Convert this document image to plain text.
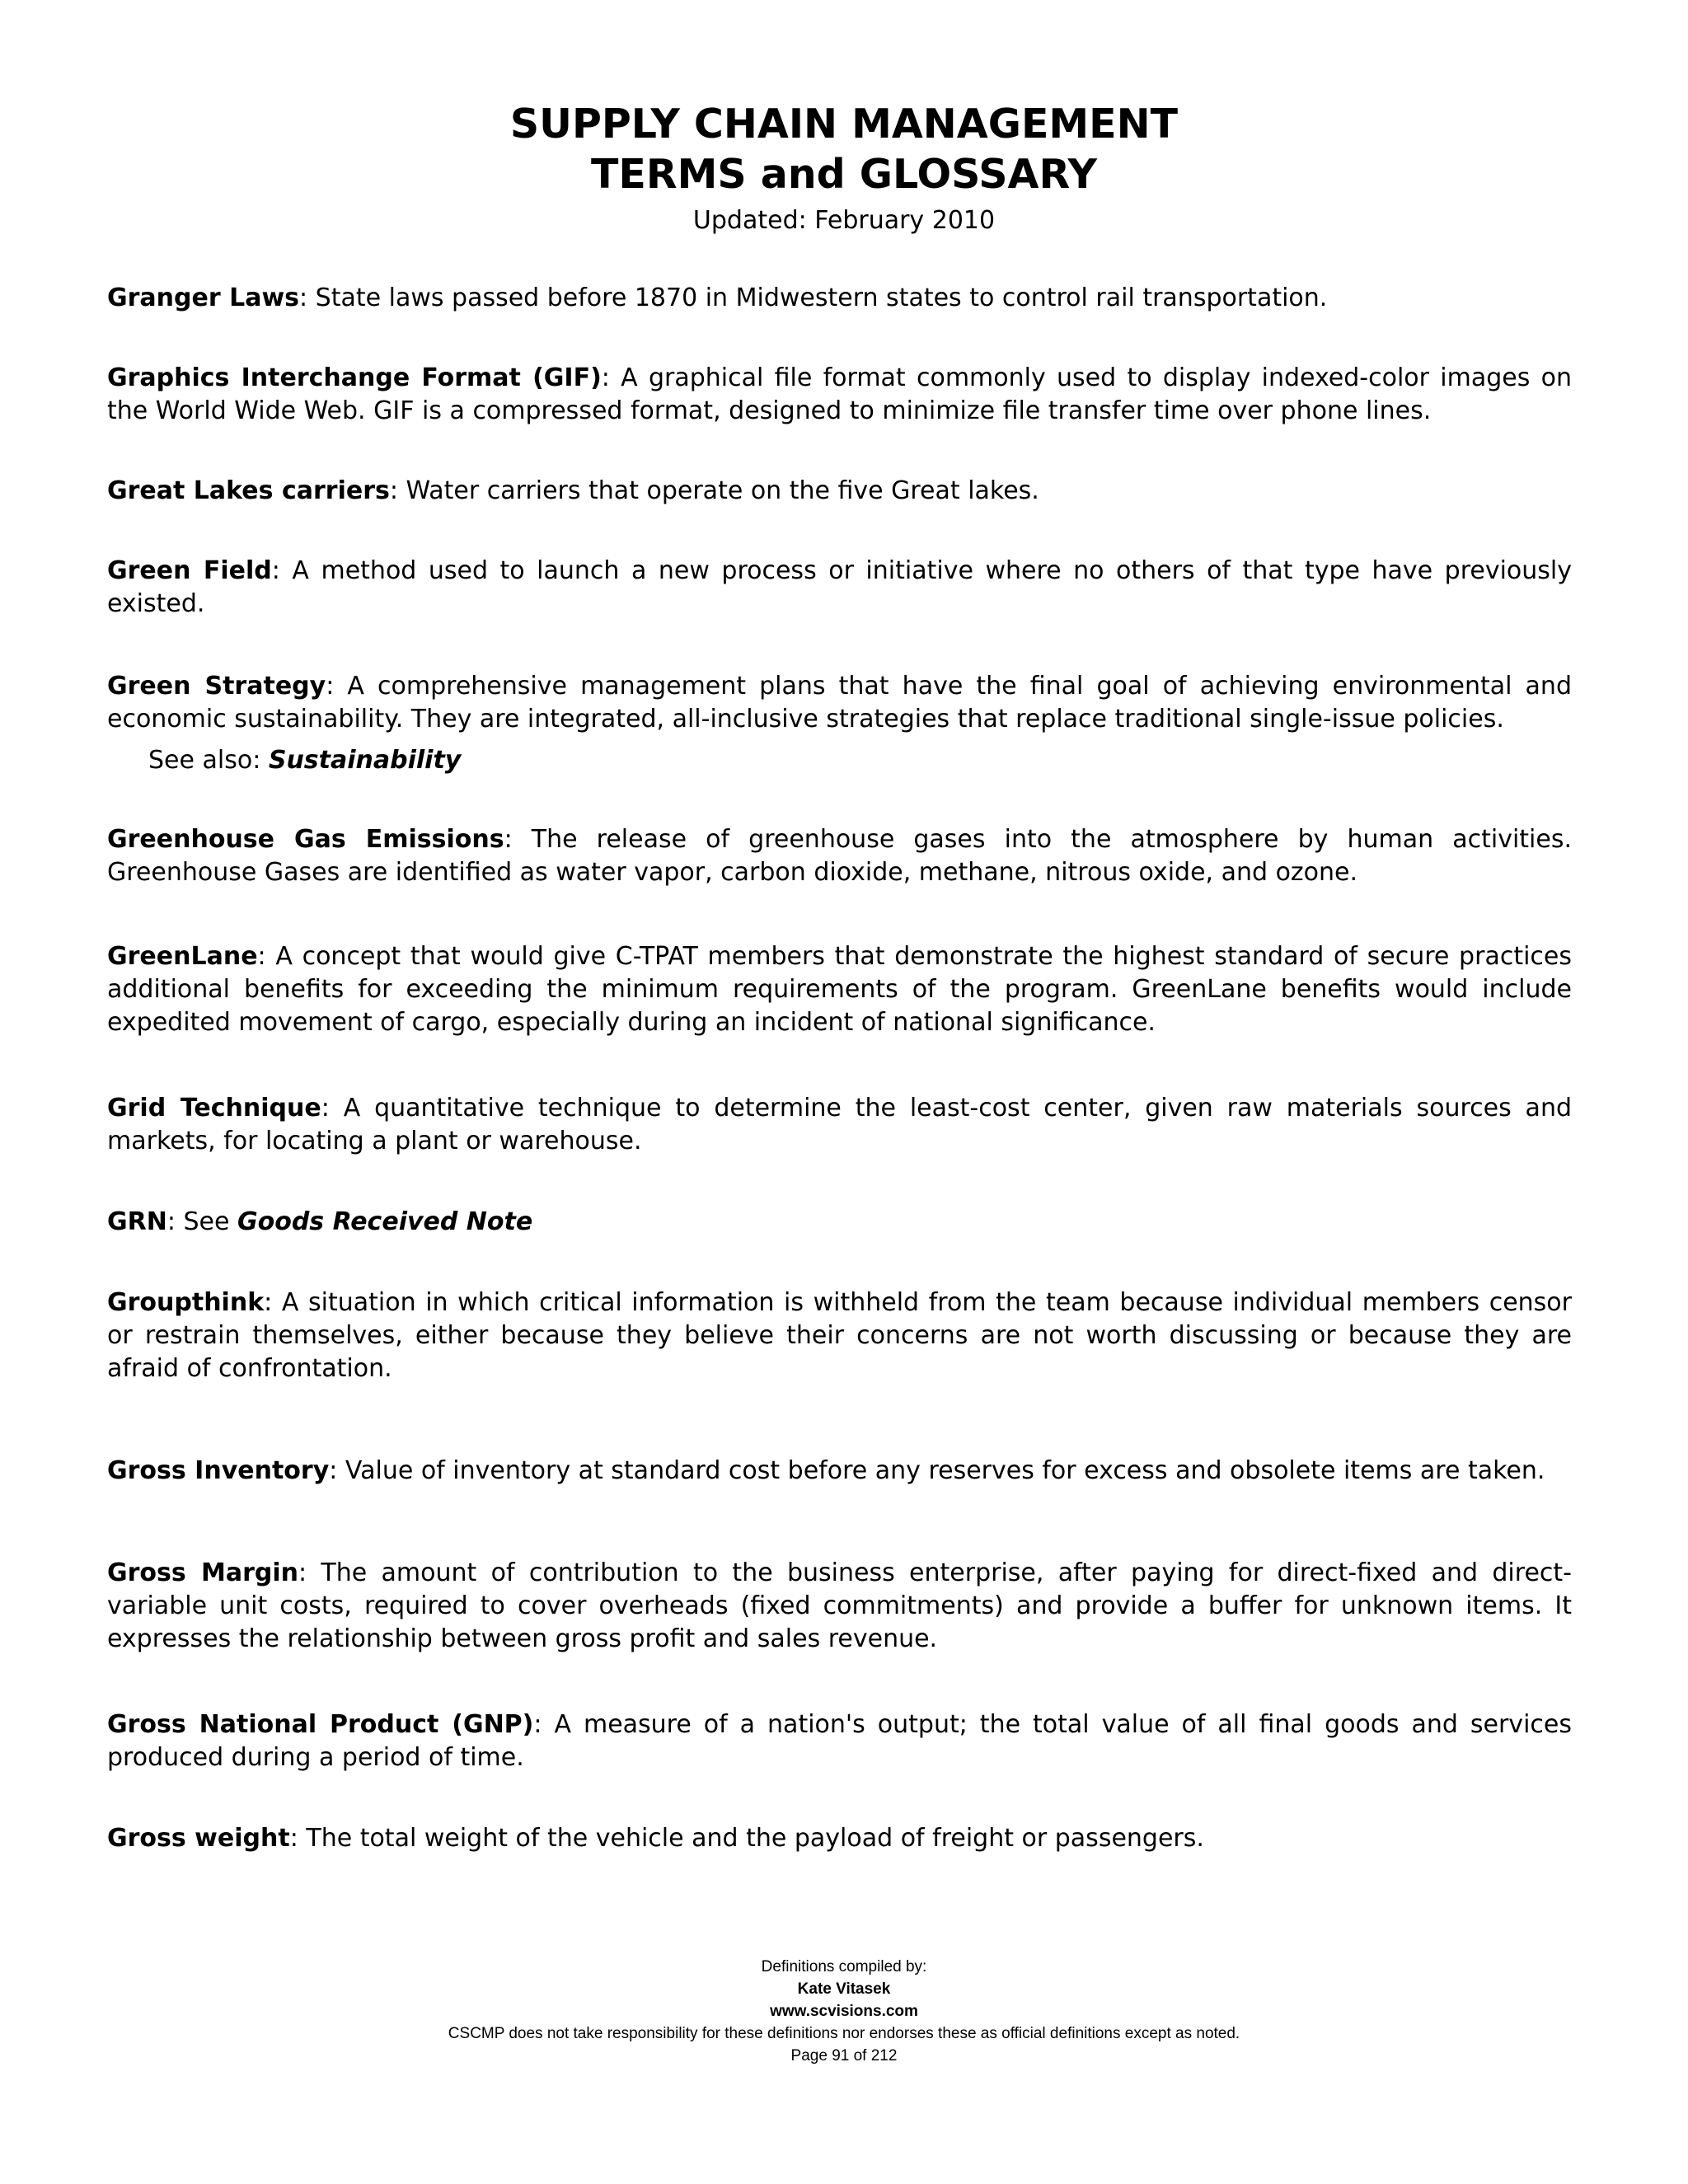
SUPPLY CHAIN MANAGEMENT
TERMS and GLOSSARY
Updated: February 2010

Granger Laws: State laws passed before 1870 in Midwestern states to control rail transportation.

Graphics Interchange Format (GIF): A graphical file format commonly used to display indexed-color images on the World Wide Web. GIF is a compressed format, designed to minimize file transfer time over phone lines.

Great Lakes carriers: Water carriers that operate on the five Great lakes.

Green Field: A method used to launch a new process or initiative where no others of that type have previously existed.

Green Strategy: A comprehensive management plans that have the final goal of achieving environmental and economic sustainability. They are integrated, all-inclusive strategies that replace traditional single-issue policies.

See also: Sustainability

Greenhouse Gas Emissions: The release of greenhouse gases into the atmosphere by human activities. Greenhouse Gases are identified as water vapor, carbon dioxide, methane, nitrous oxide, and ozone.

GreenLane: A concept that would give C-TPAT members that demonstrate the highest standard of secure practices additional benefits for exceeding the minimum requirements of the program. GreenLane benefits would include expedited movement of cargo, especially during an incident of national significance.

Grid Technique: A quantitative technique to determine the least-cost center, given raw materials sources and markets, for locating a plant or warehouse.

GRN: See Goods Received Note

Groupthink: A situation in which critical information is withheld from the team because individual members censor or restrain themselves, either because they believe their concerns are not worth discussing or because they are afraid of confrontation.

Gross Inventory: Value of inventory at standard cost before any reserves for excess and obsolete items are taken.

Gross Margin: The amount of contribution to the business enterprise, after paying for direct-fixed and direct-variable unit costs, required to cover overheads (fixed commitments) and provide a buffer for unknown items. It expresses the relationship between gross profit and sales revenue.

Gross National Product (GNP): A measure of a nation's output; the total value of all final goods and services produced during a period of time.

Gross weight: The total weight of the vehicle and the payload of freight or passengers.

Definitions compiled by:
Kate Vitasek
www.scvisions.com
CSCMP does not take responsibility for these definitions nor endorses these as official definitions except as noted.
Page 91 of 212
